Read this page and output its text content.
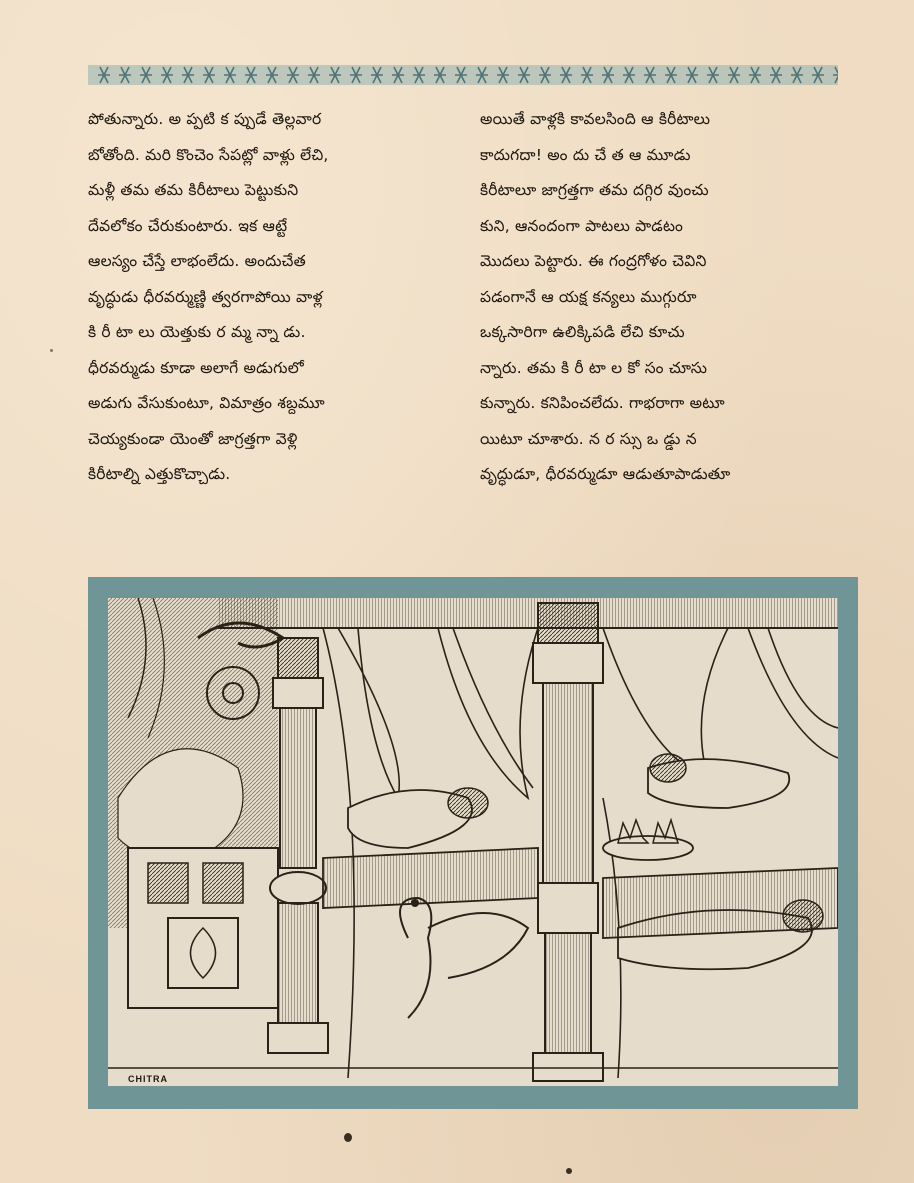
పోతున్నారు. అ ప్పటి క ప్పుడే తెల్లవార

బోతోంది. మరి కొంచెం సేపట్లో వాళ్లు లేచి,

మళ్లీ తమ తమ కిరీటాలు పెట్టుకుని

దేవలోకం చేరుకుంటారు. ఇక ఆట్టే

ఆలస్యం చేస్తే లాభంలేదు. అందుచేత

వృద్ధుడు ధీరవర్ముణ్ణి త్వరగాపోయి వాళ్ల

కి రీ టా లు యెత్తుకు ర మ్మ న్నా డు.

ధీరవర్ముడు కూడా అలాగే అడుగులో

అడుగు వేసుకుంటూ, విమాత్రం శబ్దమూ

చెయ్యకుండా యెంతో జాగ్రత్తగా వెళ్లి

కిరీటాల్ని ఎత్తుకొచ్చాడు.

అయితే వాళ్లకి కావలసింది ఆ కిరీటాలు

కాదుగదా! అం దు చే త ఆ మూడు

కిరీటాలూ జాగ్రత్తగా తమ దగ్గిర వుంచు

కుని, ఆనందంగా పాటలు పాడటం

మొదలు పెట్టారు. ఈ గంద్రగోళం చెవిని

పడంగానే ఆ యక్ష కన్యలు ముగ్గురూ

ఒక్కసారిగా ఉలిక్కిపడి లేచి కూచు

న్నారు. తమ కి రీ టా ల కో సం చూసు

కున్నారు. కనిపించలేదు. గాభరాగా అటూ

యిటూ చూశారు. న ర స్సు ఒ డ్డు న

వృద్ధుడూ, ధీరవర్ముడూ ఆడుతూపాడుతూ

CHITRA
